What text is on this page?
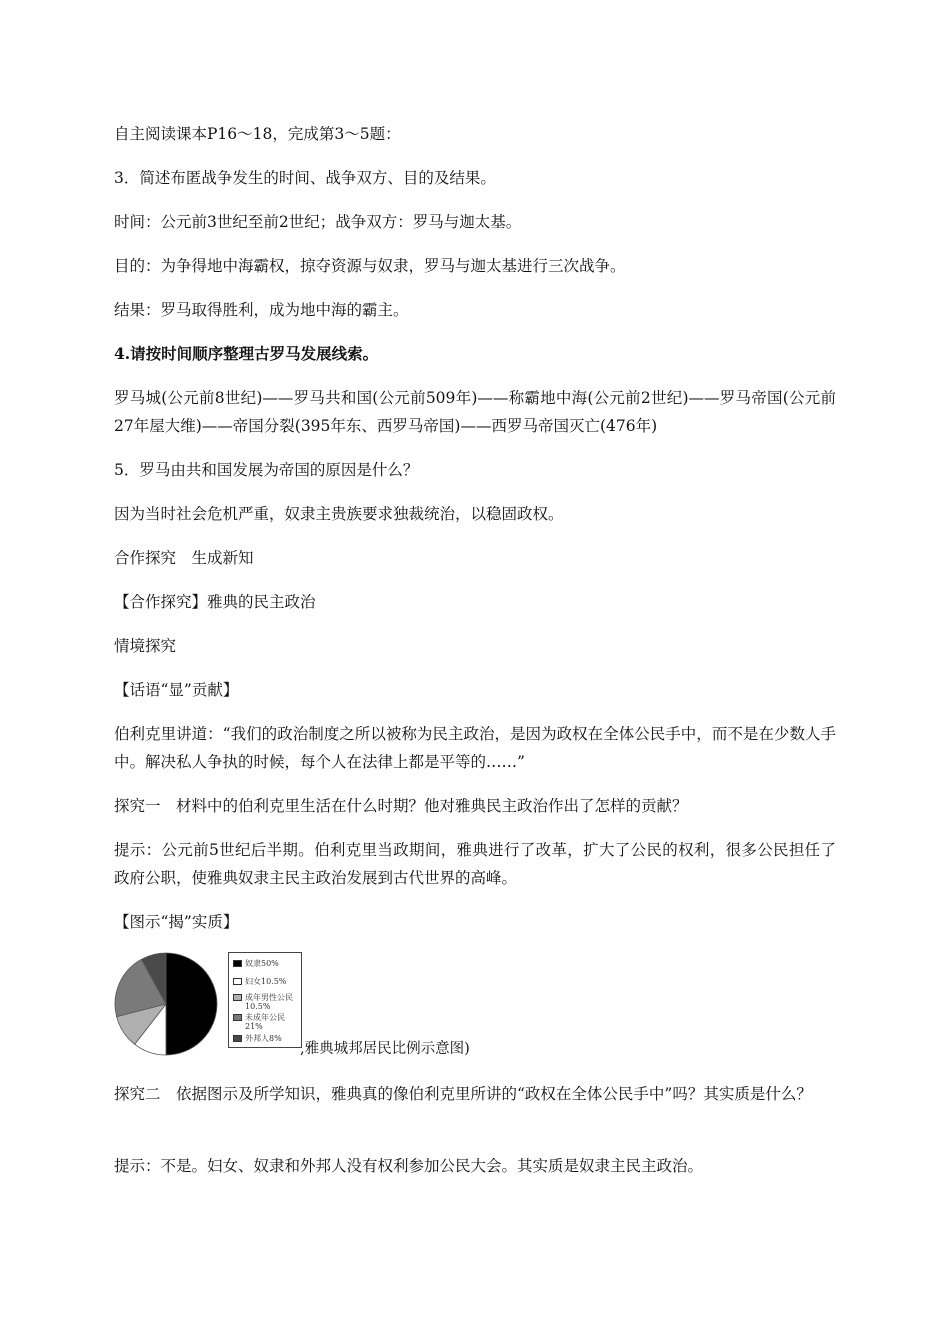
自主阅读课本P16～18，完成第3～5题：
3．简述布匿战争发生的时间、战争双方、目的及结果。
时间：公元前3世纪至前2世纪；战争双方：罗马与迦太基。
目的：为争得地中海霸权，掠夺资源与奴隶，罗马与迦太基进行三次战争。
结果：罗马取得胜利，成为地中海的霸主。
4.请按时间顺序整理古罗马发展线索。
罗马城(公元前8世纪)——罗马共和国(公元前509年)——称霸地中海(公元前2世纪)——罗马帝国(公元前27年屋大维)——帝国分裂(395年东、西罗马帝国)——西罗马帝国灭亡(476年)
5．罗马由共和国发展为帝国的原因是什么？
因为当时社会危机严重，奴隶主贵族要求独裁统治，以稳固政权。
合作探究　生成新知
【合作探究】雅典的民主政治
情境探究
【话语“显”贡献】
伯利克里讲道：“我们的政治制度之所以被称为民主政治，是因为政权在全体公民手中，而不是在少数人手中。解决私人争执的时候，每个人在法律上都是平等的……”
探究一　材料中的伯利克里生活在什么时期？他对雅典民主政治作出了怎样的贡献？
提示：公元前5世纪后半期。伯利克里当政期间，雅典进行了改革，扩大了公民的权利，很多公民担任了政府公职，使雅典奴隶主民主政治发展到古代世界的高峰。
【图示“揭”实质】
奴隶50%
妇女10.5%
成年男性公民10.5%
未成年公民21%
外邦人8%
,雅典城邦居民比例示意图)
探究二　依据图示及所学知识，雅典真的像伯利克里所讲的“政权在全体公民手中”吗？其实质是什么？
提示：不是。妇女、奴隶和外邦人没有权利参加公民大会。其实质是奴隶主民主政治。
